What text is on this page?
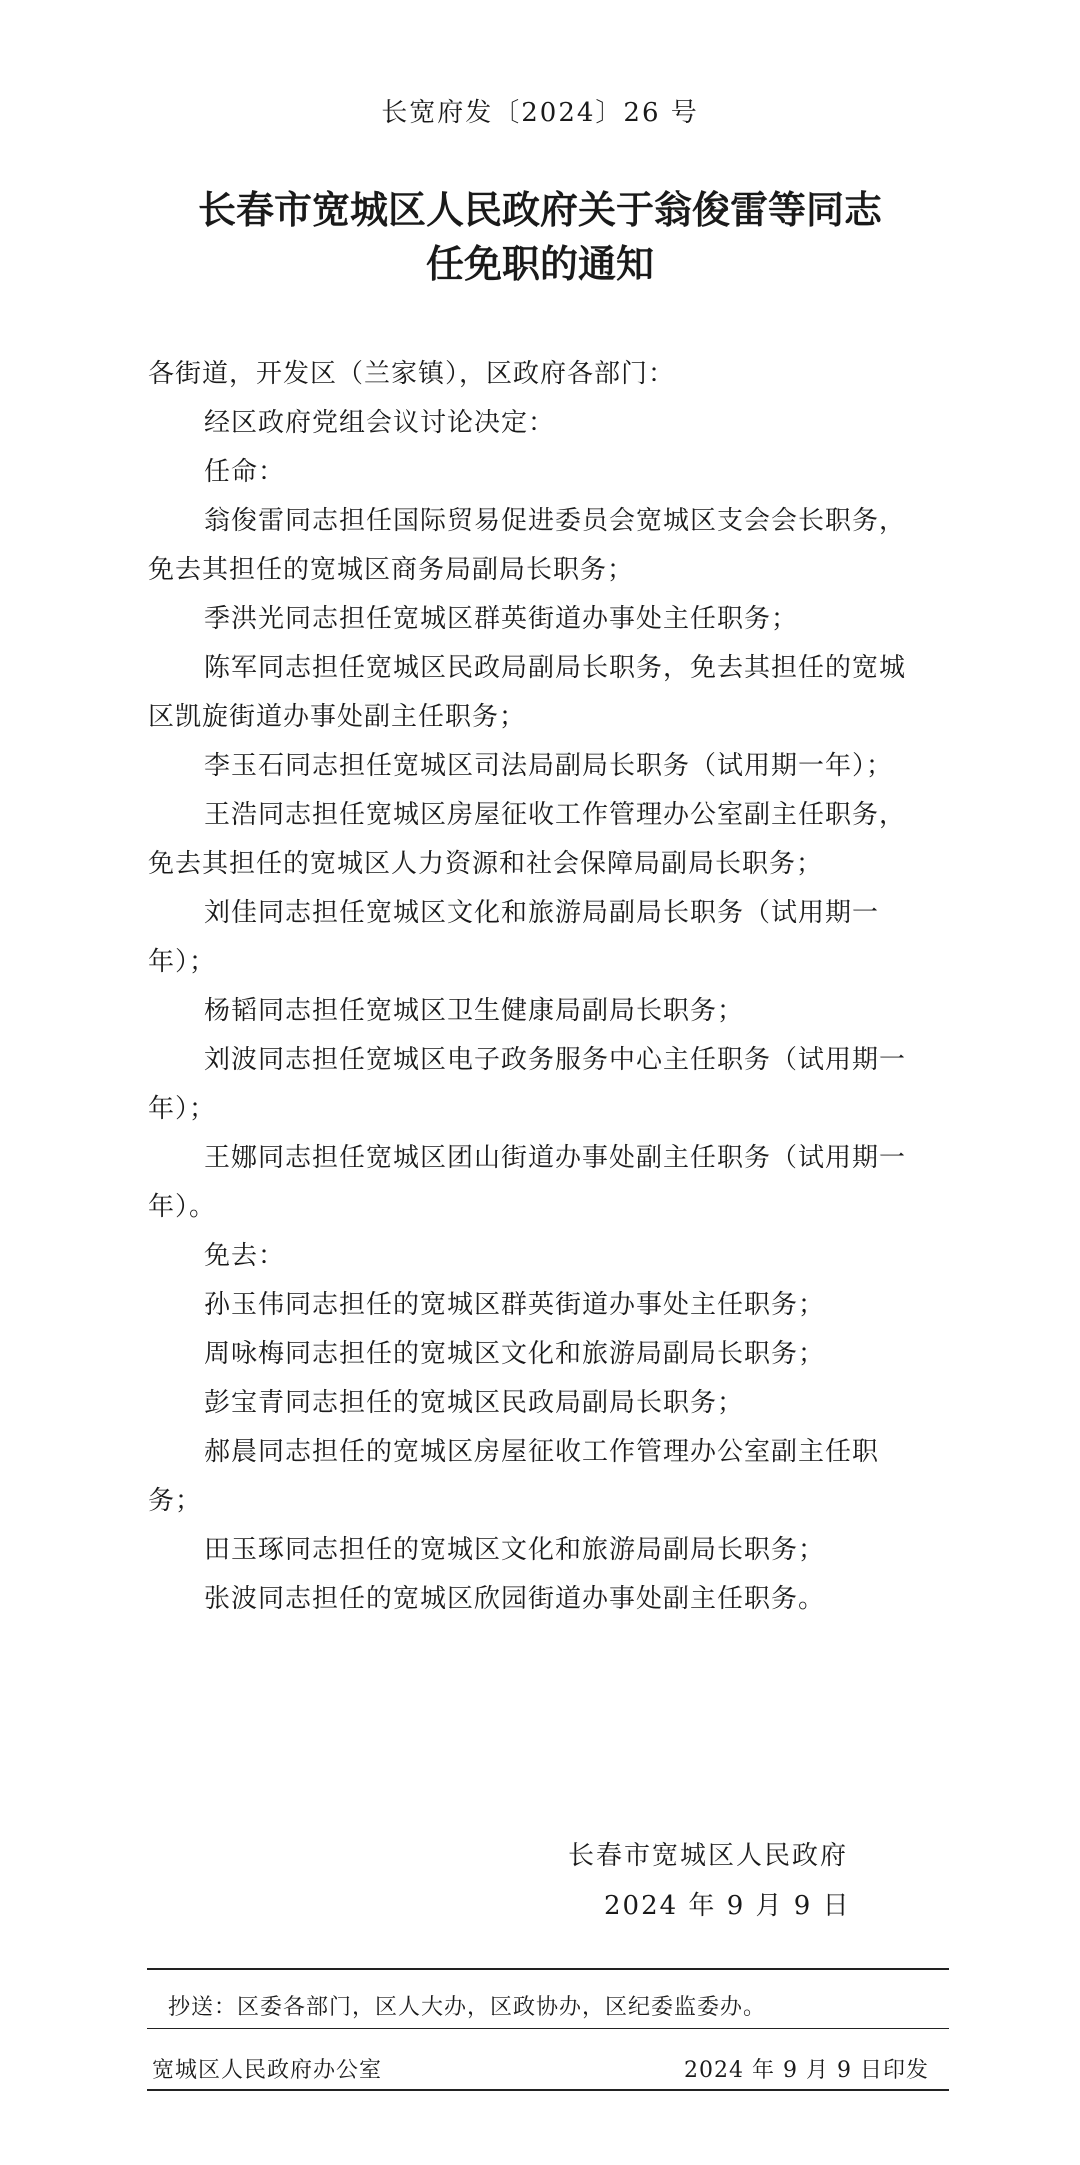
长宽府发〔2024〕26 号
长春市宽城区人民政府关于翁俊雷等同志
任免职的通知
各街道，开发区（兰家镇），区政府各部门：
经区政府党组会议讨论决定：
任命：
翁俊雷同志担任国际贸易促进委员会宽城区支会会长职务，
免去其担任的宽城区商务局副局长职务；
季洪光同志担任宽城区群英街道办事处主任职务；
陈军同志担任宽城区民政局副局长职务，免去其担任的宽城
区凯旋街道办事处副主任职务；
李玉石同志担任宽城区司法局副局长职务（试用期一年）；
王浩同志担任宽城区房屋征收工作管理办公室副主任职务，
免去其担任的宽城区人力资源和社会保障局副局长职务；
刘佳同志担任宽城区文化和旅游局副局长职务（试用期一
年）；
杨韬同志担任宽城区卫生健康局副局长职务；
刘波同志担任宽城区电子政务服务中心主任职务（试用期一
年）；
王娜同志担任宽城区团山街道办事处副主任职务（试用期一
年）。
免去：
孙玉伟同志担任的宽城区群英街道办事处主任职务；
周咏梅同志担任的宽城区文化和旅游局副局长职务；
彭宝青同志担任的宽城区民政局副局长职务；
郝晨同志担任的宽城区房屋征收工作管理办公室副主任职
务；
田玉琢同志担任的宽城区文化和旅游局副局长职务；
张波同志担任的宽城区欣园街道办事处副主任职务。
长春市宽城区人民政府
2024 年 9 月 9 日
抄送：区委各部门，区人大办，区政协办，区纪委监委办。
宽城区人民政府办公室	2024 年 9 月 9 日印发
